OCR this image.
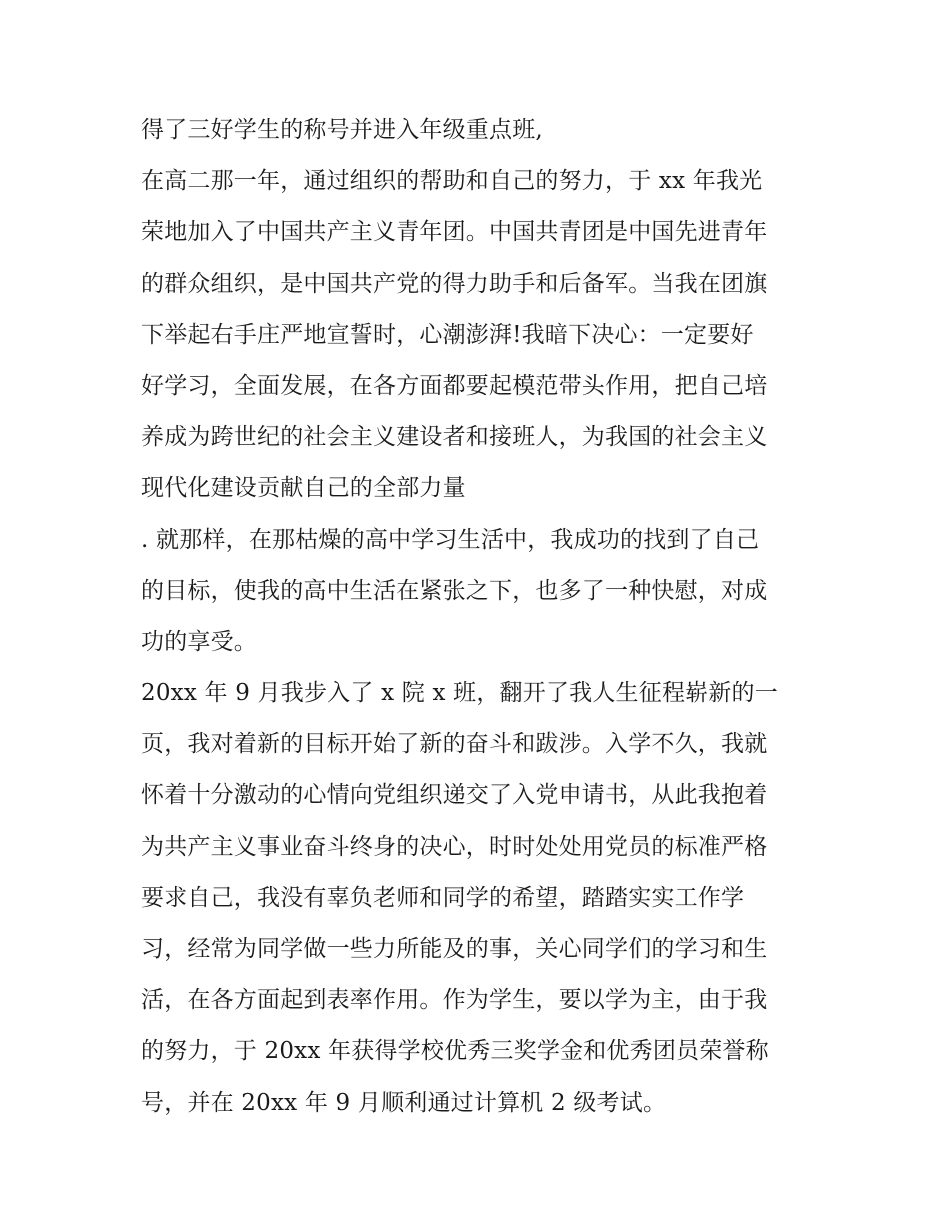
得了三好学生的称号并进入年级重点班,
在高二那一年，通过组织的帮助和自己的努力，于 xx 年我光
荣地加入了中国共产主义青年团。中国共青团是中国先进青年
的群众组织，是中国共产党的得力助手和后备军。当我在团旗
下举起右手庄严地宣誓时，心潮澎湃!我暗下决心：一定要好
好学习，全面发展，在各方面都要起模范带头作用，把自己培
养成为跨世纪的社会主义建设者和接班人，为我国的社会主义
现代化建设贡献自己的全部力量
. 就那样，在那枯燥的高中学习生活中，我成功的找到了自己
的目标，使我的高中生活在紧张之下，也多了一种快慰，对成
功的享受。
20xx 年 9 月我步入了 x 院 x 班，翻开了我人生征程崭新的一
页，我对着新的目标开始了新的奋斗和跋涉。入学不久，我就
怀着十分激动的心情向党组织递交了入党申请书，从此我抱着
为共产主义事业奋斗终身的决心，时时处处用党员的标准严格
要求自己，我没有辜负老师和同学的希望，踏踏实实工作学
习，经常为同学做一些力所能及的事，关心同学们的学习和生
活，在各方面起到表率作用。作为学生，要以学为主，由于我
的努力，于 20xx 年获得学校优秀三奖学金和优秀团员荣誉称
号，并在 20xx 年 9 月顺利通过计算机 2 级考试。
